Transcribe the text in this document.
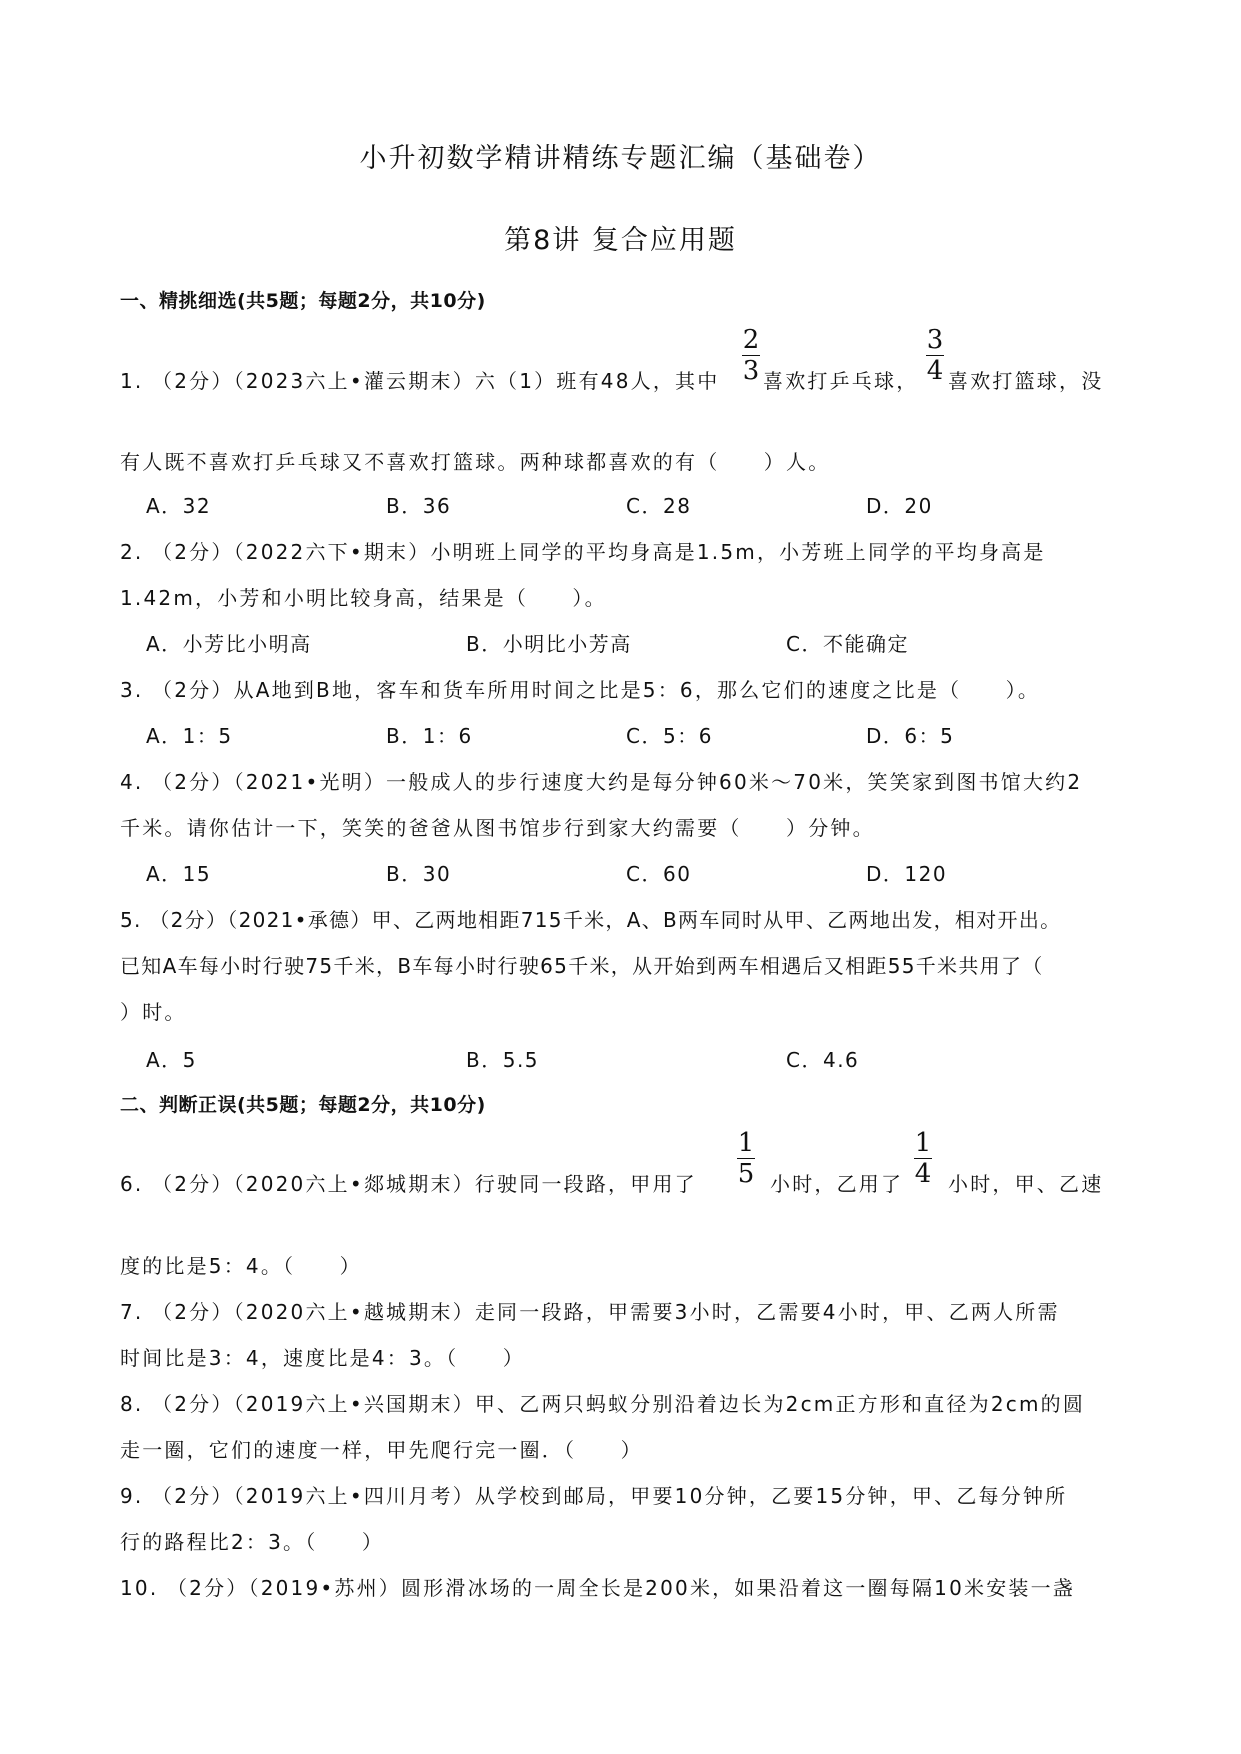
小升初数学精讲精练专题汇编（基础卷）
第8讲 复合应用题
一、精挑细选(共5题；每题2分，共10分)
1. （2分）（2023六上•灌云期末）六（1）班有48人，其中
2
3 喜欢打乒乓球，
3
4 喜欢打篮球，没
有人既不喜欢打乒乓球又不喜欢打篮球。两种球都喜欢的有（　　）人。
A．32	B．36	C．28	D．20
2. （2分）（2022六下•期末）小明班上同学的平均身高是1.5m，小芳班上同学的平均身高是
1.42m，小芳和小明比较身高，结果是（　　）。
A．小芳比小明高	B．小明比小芳高	C．不能确定
3. （2分）从A地到B地，客车和货车所用时间之比是5：6，那么它们的速度之比是（　　）。
A．1：5	B．1：6	C．5：6	D．6：5
4. （2分）（2021•光明）一般成人的步行速度大约是每分钟60米～70米，笑笑家到图书馆大约2
千米。请你估计一下，笑笑的爸爸从图书馆步行到家大约需要（　　）分钟。
A．15	B．30	C．60	D．120
5. （2分）（2021•承德）甲、乙两地相距715千米，A、B两车同时从甲、乙两地出发，相对开出。
已知A车每小时行驶75千米，B车每小时行驶65千米，从开始到两车相遇后又相距55千米共用了（
）时。
A．5	B．5.5	C．4.6
二、判断正误(共5题；每题2分，共10分)
6. （2分）（2020六上•郯城期末）行驶同一段路，甲用了
1
5 小时，乙用了
1
4 小时，甲、乙速
度的比是5：4。（　　）
7. （2分）（2020六上•越城期末）走同一段路，甲需要3小时，乙需要4小时，甲、乙两人所需
时间比是3：4，速度比是4：3。（　　）
8. （2分）（2019六上•兴国期末）甲、乙两只蚂蚁分别沿着边长为2cm正方形和直径为2cm的圆
走一圈，它们的速度一样，甲先爬行完一圈．（　　）
9. （2分）（2019六上•四川月考）从学校到邮局，甲要10分钟，乙要15分钟，甲、乙每分钟所
行的路程比2：3。（　　）
10. （2分）（2019•苏州）圆形滑冰场的一周全长是200米，如果沿着这一圈每隔10米安装一盏
